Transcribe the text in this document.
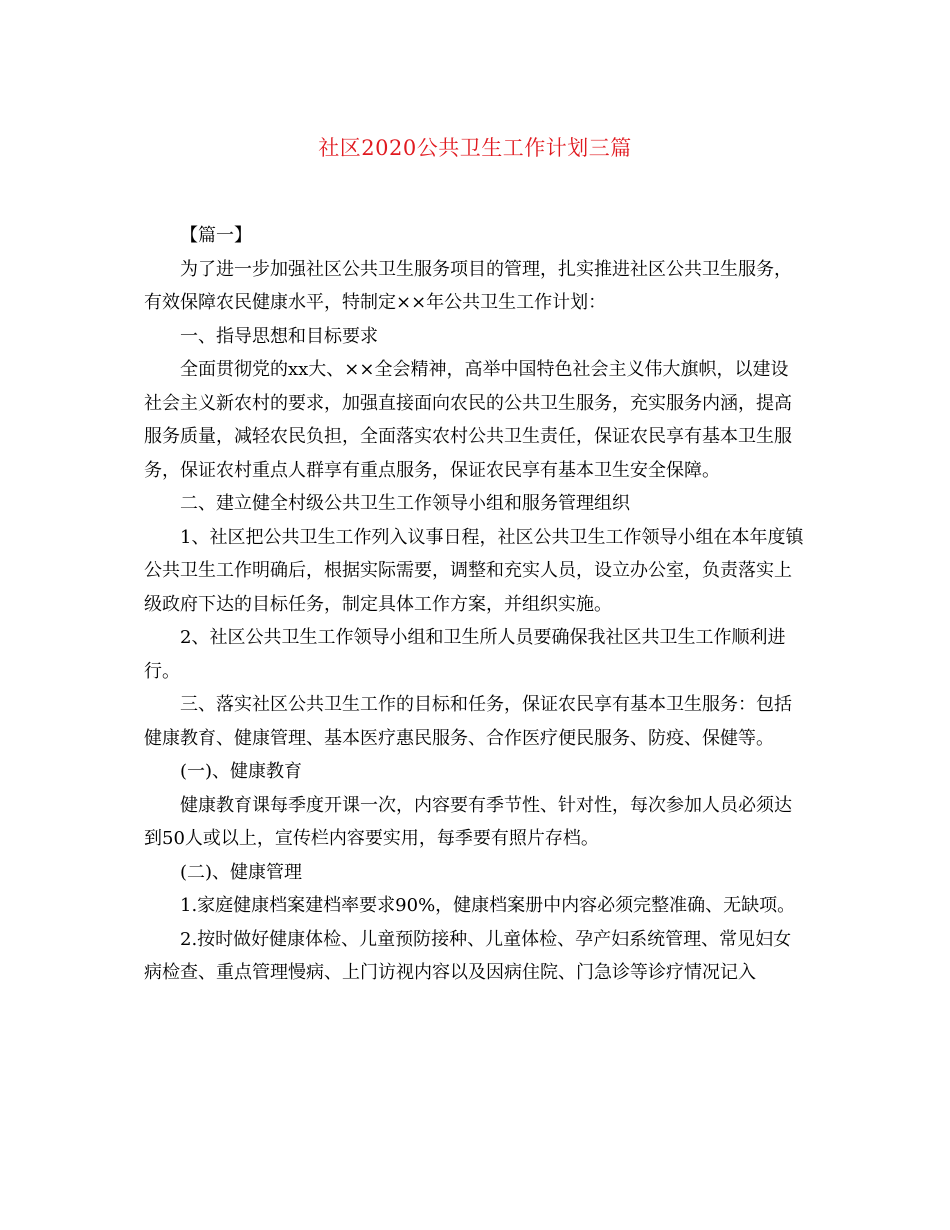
社区2020公共卫生工作计划三篇

【篇一】

为了进一步加强社区公共卫生服务项目的管理，扎实推进社区公共卫生服务，有效保障农民健康水平，特制定××年公共卫生工作计划：

一、指导思想和目标要求

全面贯彻党的xx大、××全会精神，高举中国特色社会主义伟大旗帜，以建设社会主义新农村的要求，加强直接面向农民的公共卫生服务，充实服务内涵，提高服务质量，减轻农民负担，全面落实农村公共卫生责任，保证农民享有基本卫生服务，保证农村重点人群享有重点服务，保证农民享有基本卫生安全保障。

二、建立健全村级公共卫生工作领导小组和服务管理组织

1、社区把公共卫生工作列入议事日程，社区公共卫生工作领导小组在本年度镇公共卫生工作明确后，根据实际需要，调整和充实人员，设立办公室，负责落实上级政府下达的目标任务，制定具体工作方案，并组织实施。

2、社区公共卫生工作领导小组和卫生所人员要确保我社区共卫生工作顺利进行。

三、落实社区公共卫生工作的目标和任务，保证农民享有基本卫生服务：包括健康教育、健康管理、基本医疗惠民服务、合作医疗便民服务、防疫、保健等。

(一)、健康教育

健康教育课每季度开课一次，内容要有季节性、针对性，每次参加人员必须达到50人或以上，宣传栏内容要实用，每季要有照片存档。

(二)、健康管理

1.家庭健康档案建档率要求90%，健康档案册中内容必须完整准确、无缺项。

2.按时做好健康体检、儿童预防接种、儿童体检、孕产妇系统管理、常见妇女病检查、重点管理慢病、上门访视内容以及因病住院、门急诊等诊疗情况记入
